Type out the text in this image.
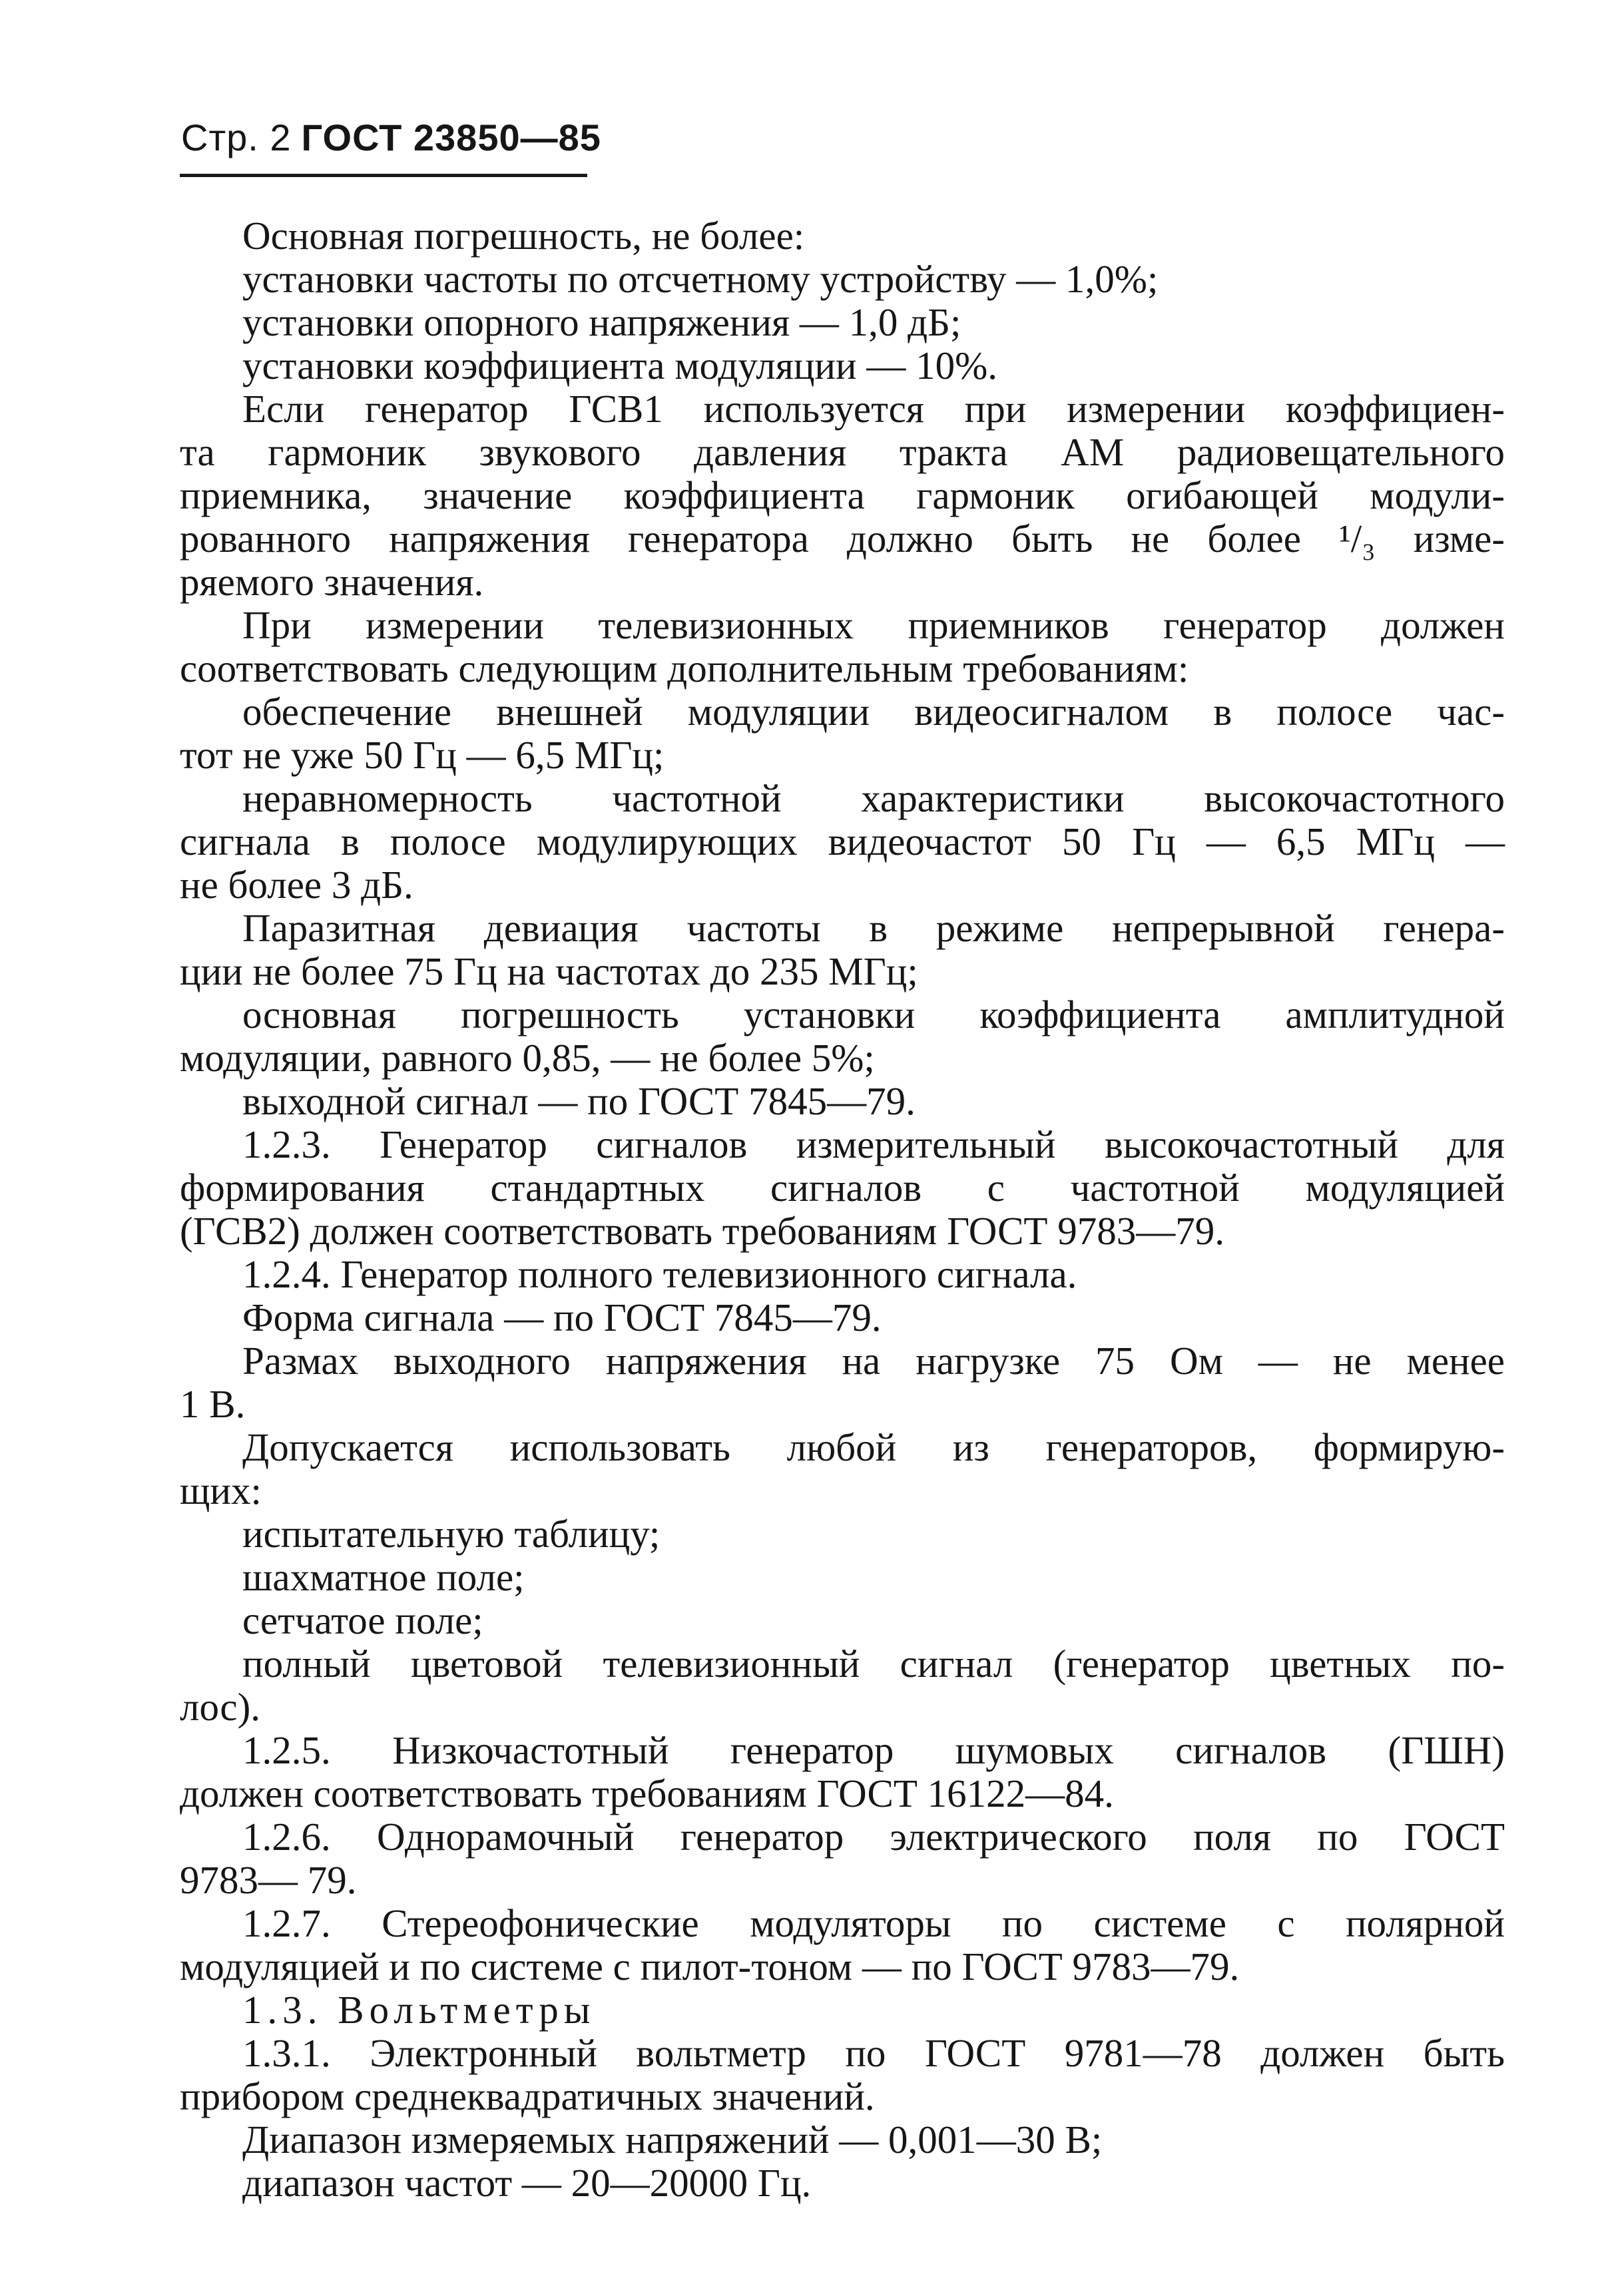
Стр. 2 ГОСТ 23850—85
Основная погрешность, не более:
установки частоты по отсчетному устройству — 1,0%;
установки опорного напряжения — 1,0 дБ;
установки коэффициента модуляции — 10%.
Если генератор ГСВ1 используется при измерении коэффициен-
та гармоник звукового давления тракта АМ радиовещательного
приемника, значение коэффициента гармоник огибающей модули-
рованного напряжения генератора должно быть не более ¹/₃ изме-
ряемого значения.
При измерении телевизионных приемников генератор должен
соответствовать следующим дополнительным требованиям:
обеспечение внешней модуляции видеосигналом в полосе час-
тот не уже 50 Гц — 6,5 МГц;
неравномерность частотной характеристики высокочастотного
сигнала в полосе модулирующих видеочастот 50 Гц — 6,5 МГц —
не более 3 дБ.
Паразитная девиация частоты в режиме непрерывной генера-
ции не более 75 Гц на частотах до 235 МГц;
основная погрешность установки коэффициента амплитудной
модуляции, равного 0,85, — не более 5%;
выходной сигнал — по ГОСТ 7845—79.
1.2.3. Генератор сигналов измерительный высокочастотный для
формирования стандартных сигналов с частотной модуляцией
(ГСВ2) должен соответствовать требованиям ГОСТ 9783—79.
1.2.4. Генератор полного телевизионного сигнала.
Форма сигнала — по ГОСТ 7845—79.
Размах выходного напряжения на нагрузке 75 Ом — не менее
1 В.
Допускается использовать любой из генераторов, формирую-
щих:
испытательную таблицу;
шахматное поле;
сетчатое поле;
полный цветовой телевизионный сигнал (генератор цветных по-
лос).
1.2.5. Низкочастотный генератор шумовых сигналов (ГШН)
должен соответствовать требованиям ГОСТ 16122—84.
1.2.6. Однорамочный генератор электрического поля по ГОСТ
9783— 79.
1.2.7. Стереофонические модуляторы по системе с полярной
модуляцией и по системе с пилот-тоном — по ГОСТ 9783—79.
1.3. Вольтметры
1.3.1. Электронный вольтметр по ГОСТ 9781—78 должен быть
прибором среднеквадратичных значений.
Диапазон измеряемых напряжений — 0,001—30 В;
диапазон частот — 20—20000 Гц.
